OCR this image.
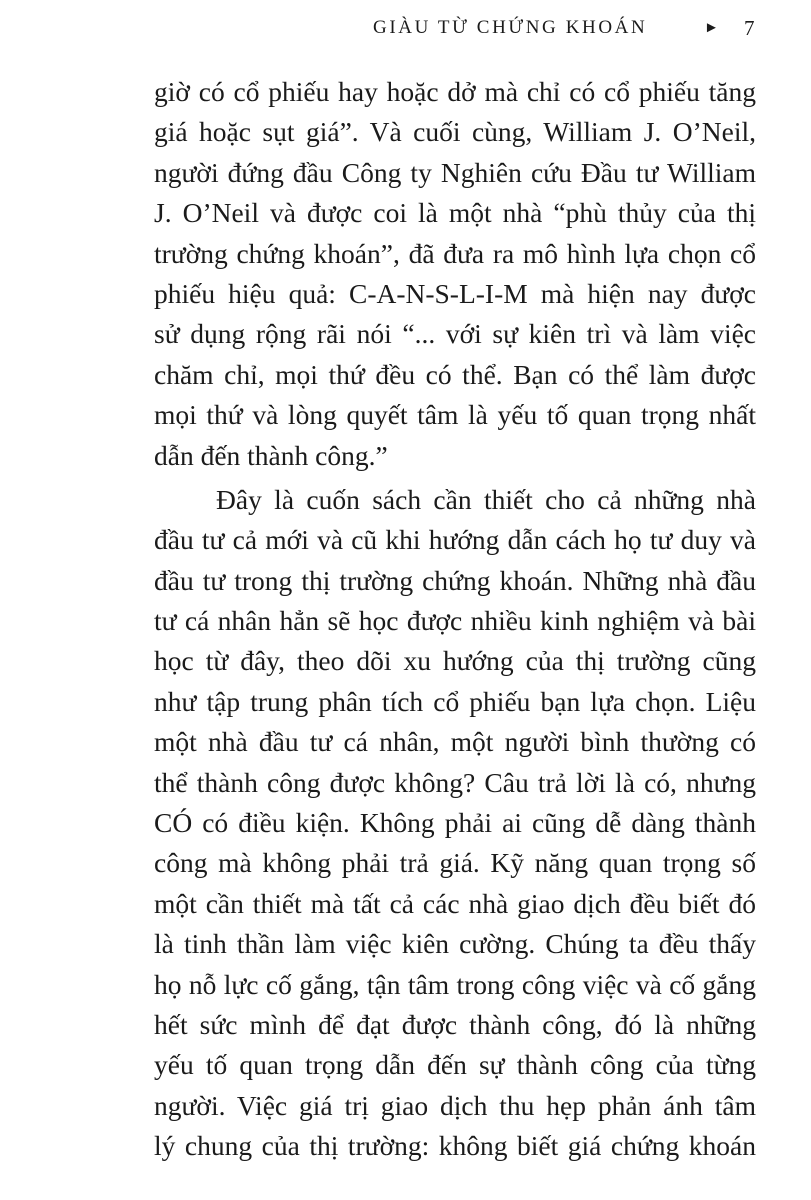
GIÀU TỪ CHỨNG KHOÁN	► 7

giờ có cổ phiếu hay hoặc dở mà chỉ có cổ phiếu tăng
giá hoặc sụt giá”. Và cuối cùng, William J. O’Neil,
người đứng đầu Công ty Nghiên cứu Đầu tư William
J. O’Neil và được coi là một nhà “phù thủy của thị
trường chứng khoán”, đã đưa ra mô hình lựa chọn cổ
phiếu hiệu quả: C-A-N-S-L-I-M mà hiện nay được
sử dụng rộng rãi nói “... với sự kiên trì và làm việc
chăm chỉ, mọi thứ đều có thể. Bạn có thể làm được
mọi thứ và lòng quyết tâm là yếu tố quan trọng nhất
dẫn đến thành công.”

Đây là cuốn sách cần thiết cho cả những nhà
đầu tư cả mới và cũ khi hướng dẫn cách họ tư duy và
đầu tư trong thị trường chứng khoán. Những nhà đầu
tư cá nhân hẳn sẽ học được nhiều kinh nghiệm và bài
học từ đây, theo dõi xu hướng của thị trường cũng
như tập trung phân tích cổ phiếu bạn lựa chọn. Liệu
một nhà đầu tư cá nhân, một người bình thường có
thể thành công được không? Câu trả lời là có, nhưng
CÓ có điều kiện. Không phải ai cũng dễ dàng thành
công mà không phải trả giá. Kỹ năng quan trọng số
một cần thiết mà tất cả các nhà giao dịch đều biết đó
là tinh thần làm việc kiên cường. Chúng ta đều thấy
họ nỗ lực cố gắng, tận tâm trong công việc và cố gắng
hết sức mình để đạt được thành công, đó là những
yếu tố quan trọng dẫn đến sự thành công của từng
người. Việc giá trị giao dịch thu hẹp phản ánh tâm
lý chung của thị trường: không biết giá chứng khoán
